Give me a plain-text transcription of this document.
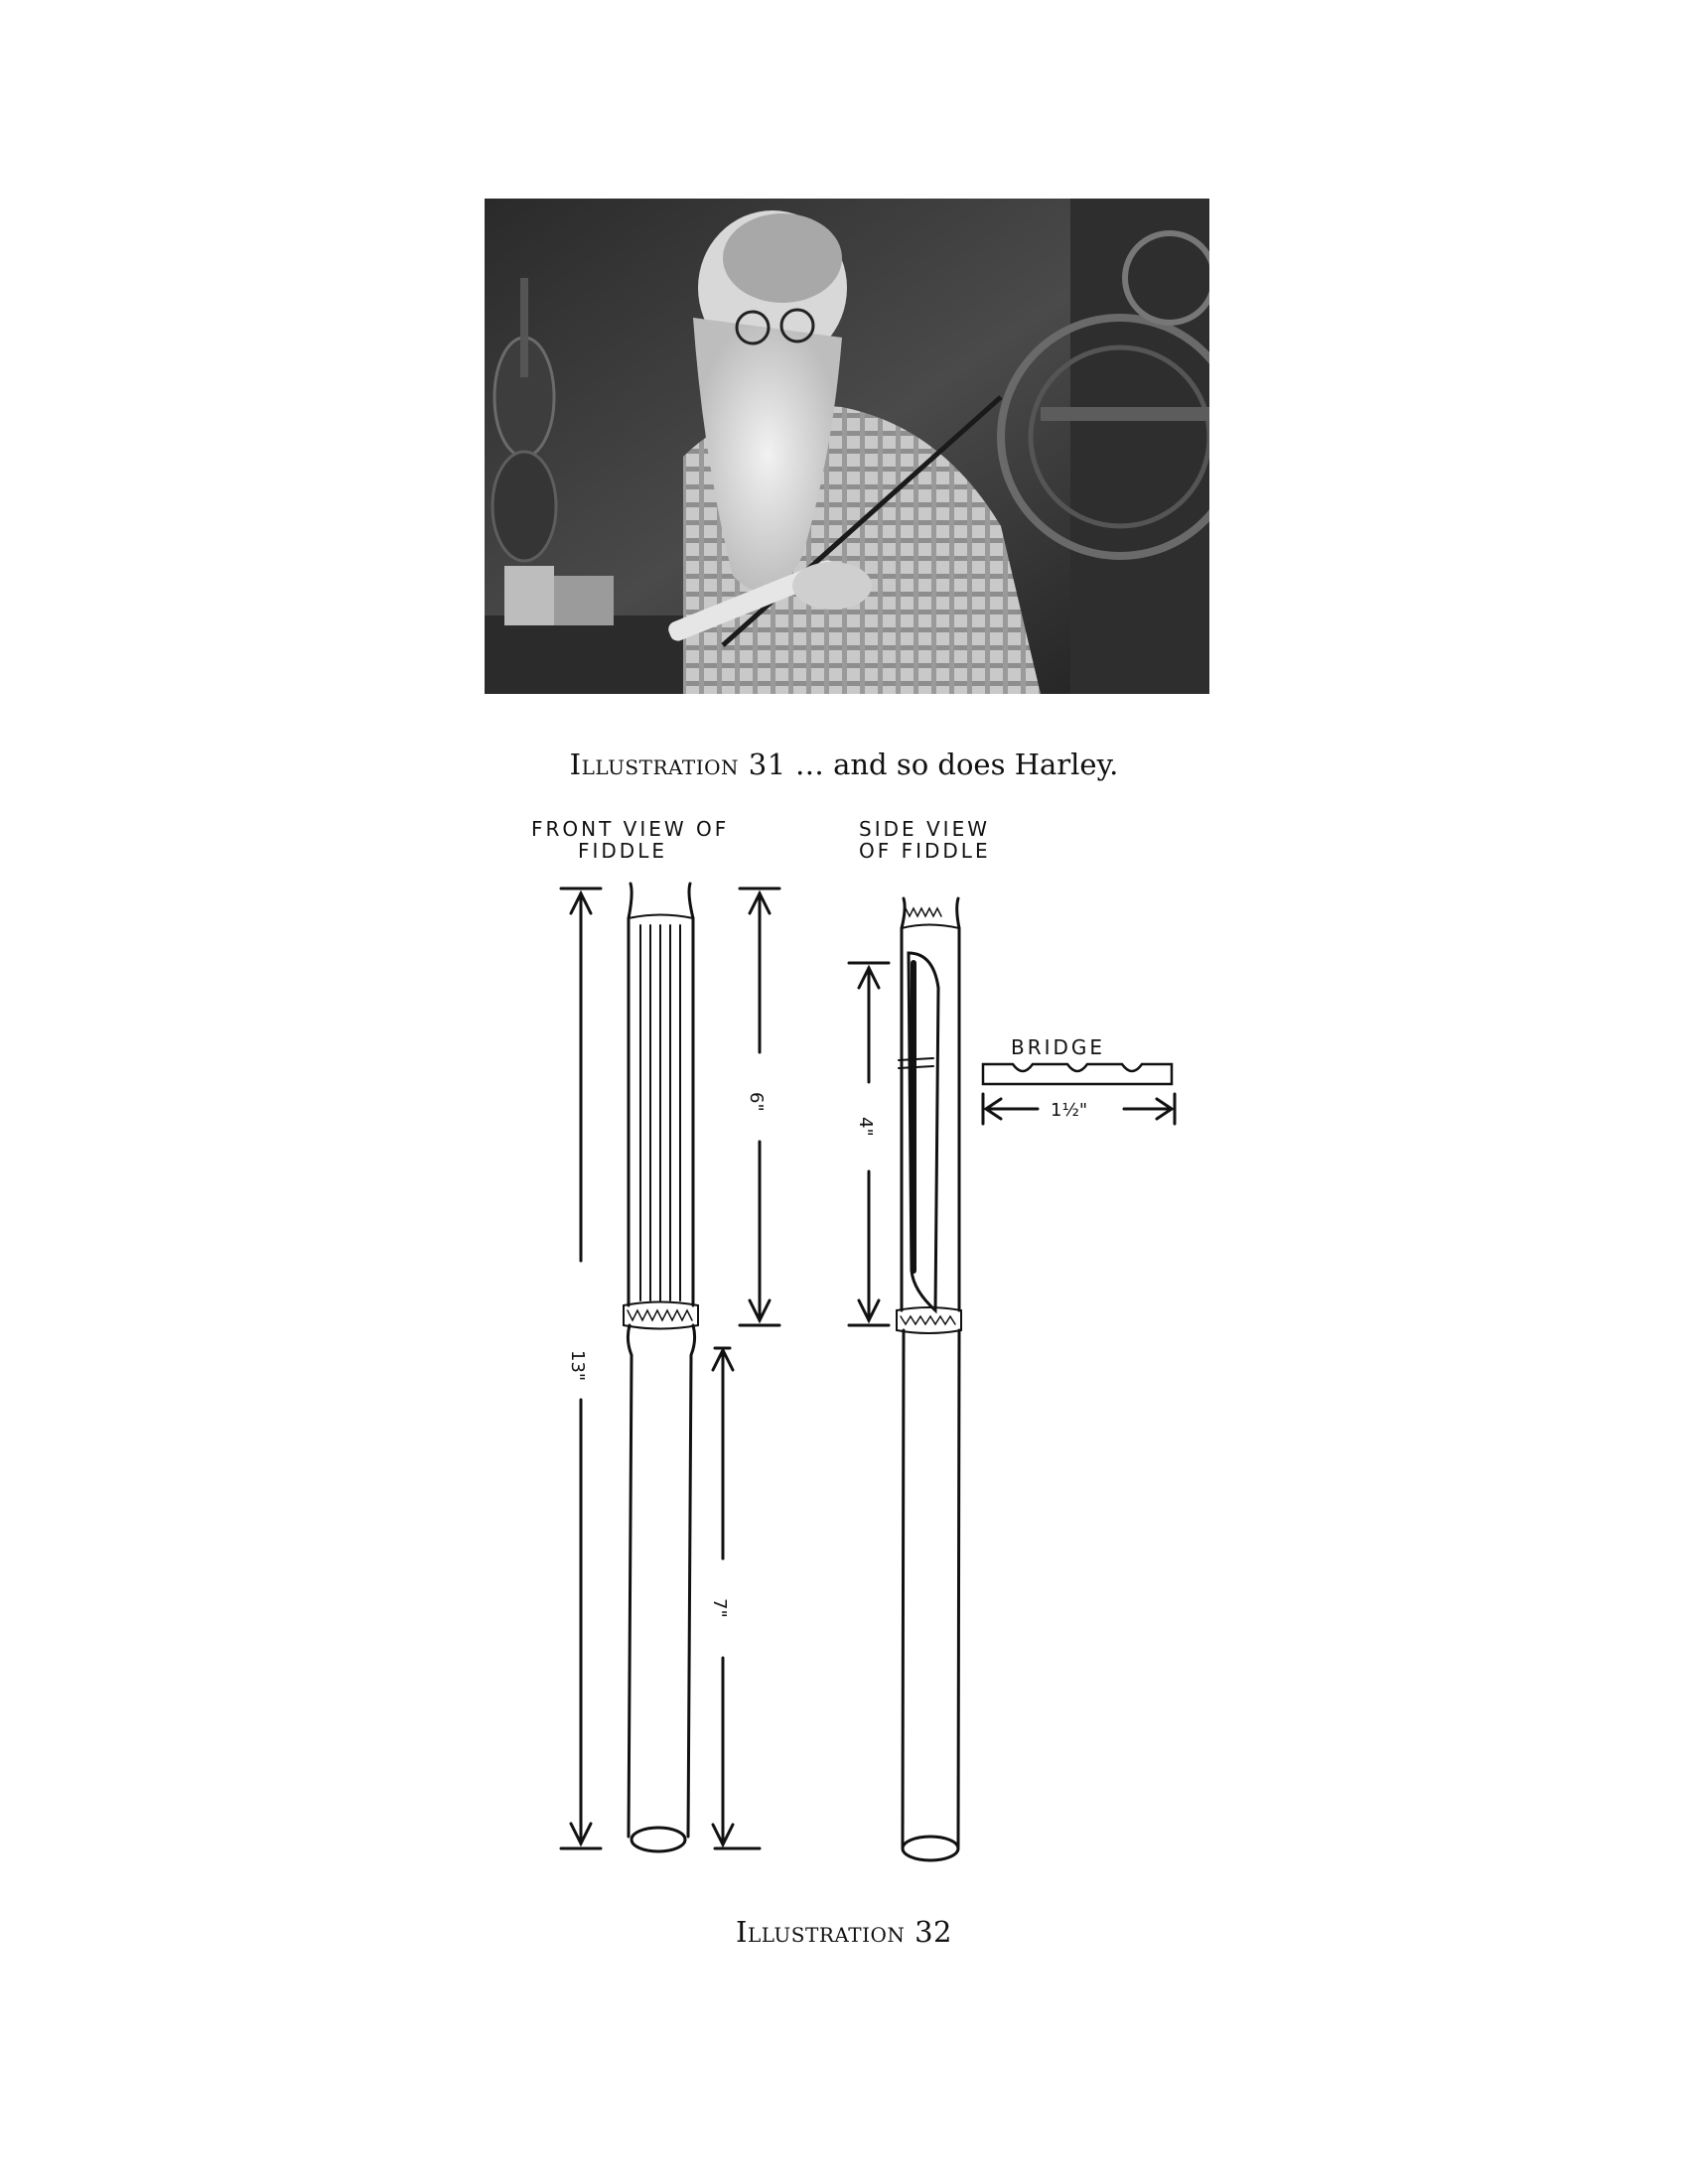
Illustration 31 … and so does Harley.
FRONT VIEW OF
FIDDLE
SIDE VIEW
OF FIDDLE
BRIDGE
1½"
13"
6"
7"
4"
Illustration 32
